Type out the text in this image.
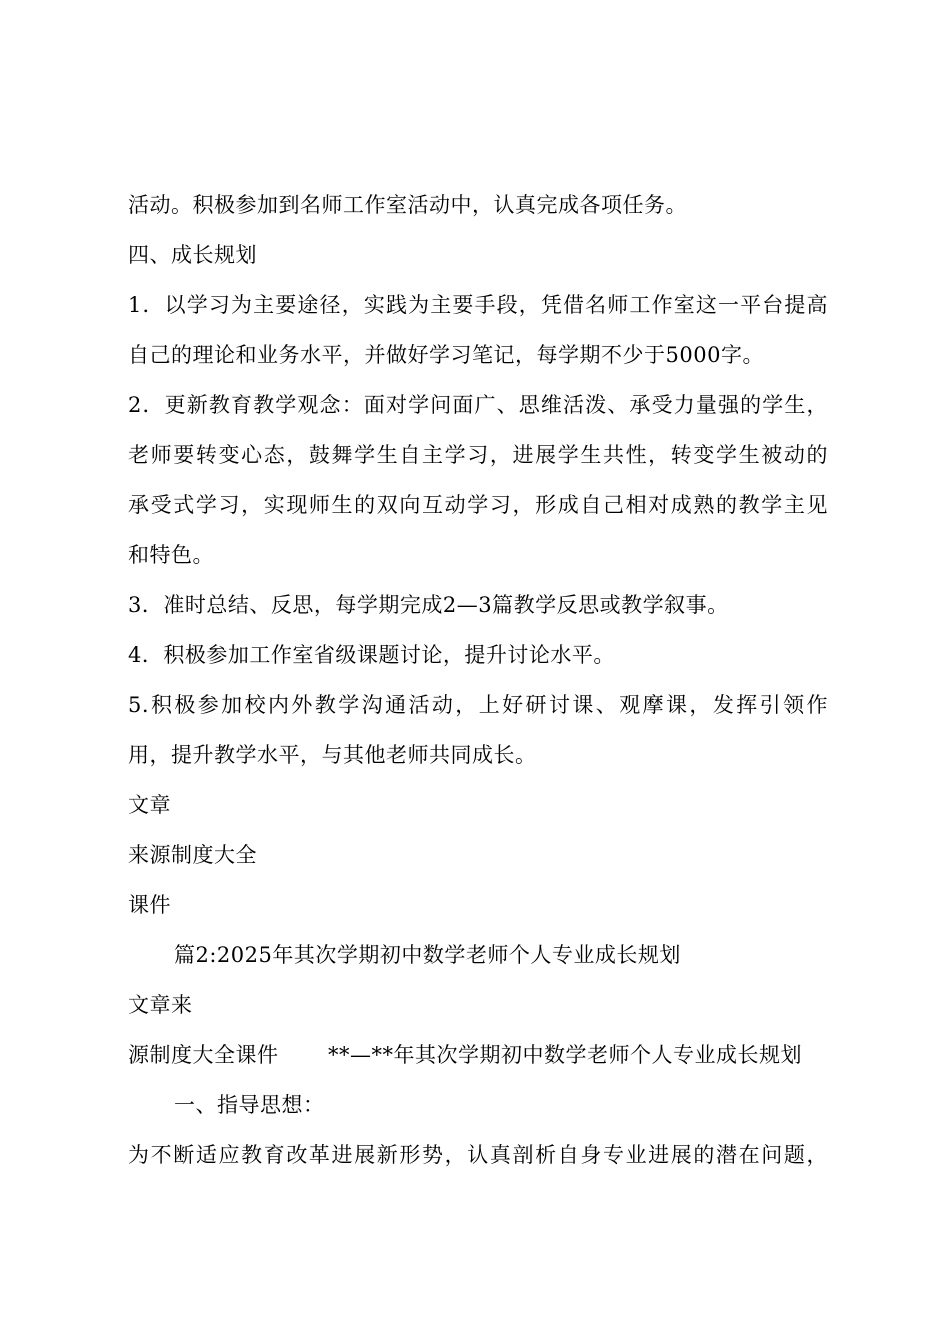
活动。积极参加到名师工作室活动中，认真完成各项任务。
四、成长规划
1．以学习为主要途径，实践为主要手段，凭借名师工作室这一平台提高
自己的理论和业务水平，并做好学习笔记，每学期不少于5000字。
2．更新教育教学观念：面对学问面广、思维活泼、承受力量强的学生，
老师要转变心态，鼓舞学生自主学习，进展学生共性，转变学生被动的
承受式学习，实现师生的双向互动学习，形成自己相对成熟的教学主见
和特色。
3．准时总结、反思，每学期完成2—3篇教学反思或教学叙事。
4．积极参加工作室省级课题讨论，提升讨论水平。
5.积极参加校内外教学沟通活动，上好研讨课、观摩课，发挥引领作
用，提升教学水平，与其他老师共同成长。
文章
来源制度大全
课件
篇2:2025年其次学期初中数学老师个人专业成长规划
文章来
源制度大全课件 **—**年其次学期初中数学老师个人专业成长规划
一、指导思想：
为不断适应教育改革进展新形势，认真剖析自身专业进展的潜在问题，
